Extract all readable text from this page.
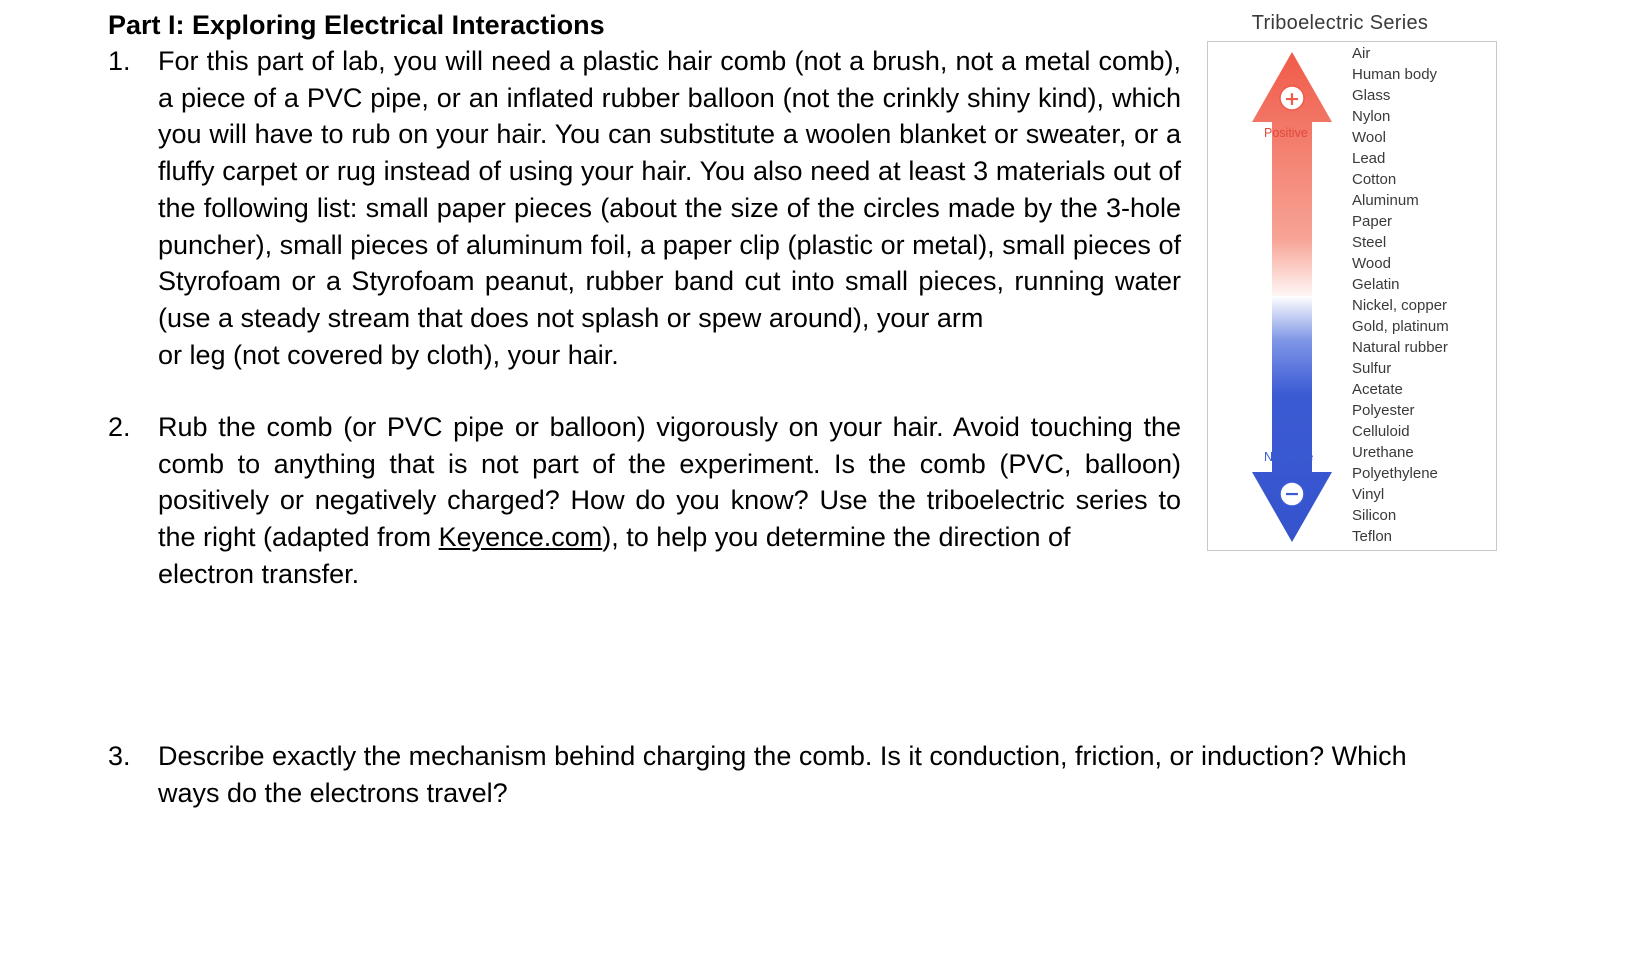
Part I: Exploring Electrical Interactions
1. For this part of lab, you will need a plastic hair comb (not a brush, not a metal comb), a piece of a PVC pipe, or an inflated rubber balloon (not the crinkly shiny kind), which you will have to rub on your hair. You can substitute a woolen blanket or sweater, or a fluffy carpet or rug instead of using your hair. You also need at least 3 materials out of the following list: small paper pieces (about the size of the circles made by the 3-hole puncher), small pieces of aluminum foil, a paper clip (plastic or metal), small pieces of Styrofoam or a Styrofoam peanut, rubber band cut into small pieces, running water (use a steady stream that does not splash or spew around), your arm
or leg (not covered by cloth), your hair.
2. Rub the comb (or PVC pipe or balloon) vigorously on your hair. Avoid touching the comb to anything that is not part of the experiment. Is the comb (PVC, balloon) positively or negatively charged? How do you know? Use the triboelectric series to the right (adapted from Keyence.com), to help you determine the direction of
electron transfer.
3. Describe exactly the mechanism behind charging the comb. Is it conduction, friction, or induction? Which
ways do the electrons travel?
Triboelectric Series
+
−
Positive
Negative
Air
Human body
Glass
Nylon
Wool
Lead
Cotton
Aluminum
Paper
Steel
Wood
Gelatin
Nickel, copper
Gold, platinum
Natural rubber
Sulfur
Acetate
Polyester
Celluloid
Urethane
Polyethylene
Vinyl
Silicon
Teflon
